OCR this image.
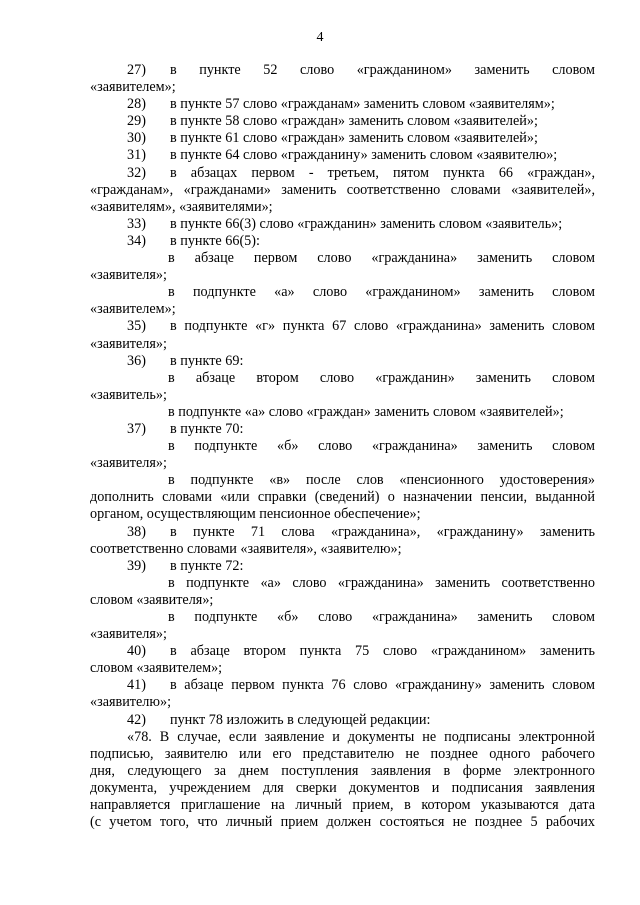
4
27)	в пункте 52 слово «гражданином» заменить словом
«заявителем»;
28)	в пункте 57 слово «гражданам» заменить словом «заявителям»;
29)	в пункте 58 слово «граждан» заменить словом «заявителей»;
30)	в пункте 61 слово «граждан» заменить словом «заявителей»;
31)	в пункте 64 слово «гражданину» заменить словом «заявителю»;
32)	в абзацах первом - третьем, пятом пункта 66 «граждан»,
«гражданам», «гражданами» заменить соответственно словами «заявителей»,
«заявителям», «заявителями»;
33)	в пункте 66(3) слово «гражданин» заменить словом «заявитель»;
34)	в пункте 66(5):
в абзаце первом слово «гражданина» заменить словом
«заявителя»;
в подпункте «а» слово «гражданином» заменить словом
«заявителем»;
35)	в подпункте «г» пункта 67 слово «гражданина» заменить словом
«заявителя»;
36)	в пункте 69:
в абзаце втором слово «гражданин» заменить словом
«заявитель»;
в подпункте «а» слово «граждан» заменить словом «заявителей»;
37)	в пункте 70:
в подпункте «б» слово «гражданина» заменить словом
«заявителя»;
в подпункте «в» после слов «пенсионного удостоверения»
дополнить словами «или справки (сведений) о назначении пенсии, выданной
органом, осуществляющим пенсионное обеспечение»;
38)	в пункте 71 слова «гражданина», «гражданину» заменить
соответственно словами «заявителя», «заявителю»;
39)	в пункте 72:
в подпункте «а» слово «гражданина» заменить соответственно
словом «заявителя»;
в подпункте «б» слово «гражданина» заменить словом
«заявителя»;
40)	в абзаце втором пункта 75 слово «гражданином» заменить
словом «заявителем»;
41)	в абзаце первом пункта 76 слово «гражданину» заменить словом
«заявителю»;
42)	пункт 78 изложить в следующей редакции:
«78. В случае, если заявление и документы не подписаны электронной
подписью, заявителю или его представителю не позднее одного рабочего
дня, следующего за днем поступления заявления в форме электронного
документа, учреждением для сверки документов и подписания заявления
направляется приглашение на личный прием, в котором указываются дата
(с учетом того, что личный прием должен состояться не позднее 5 рабочих
